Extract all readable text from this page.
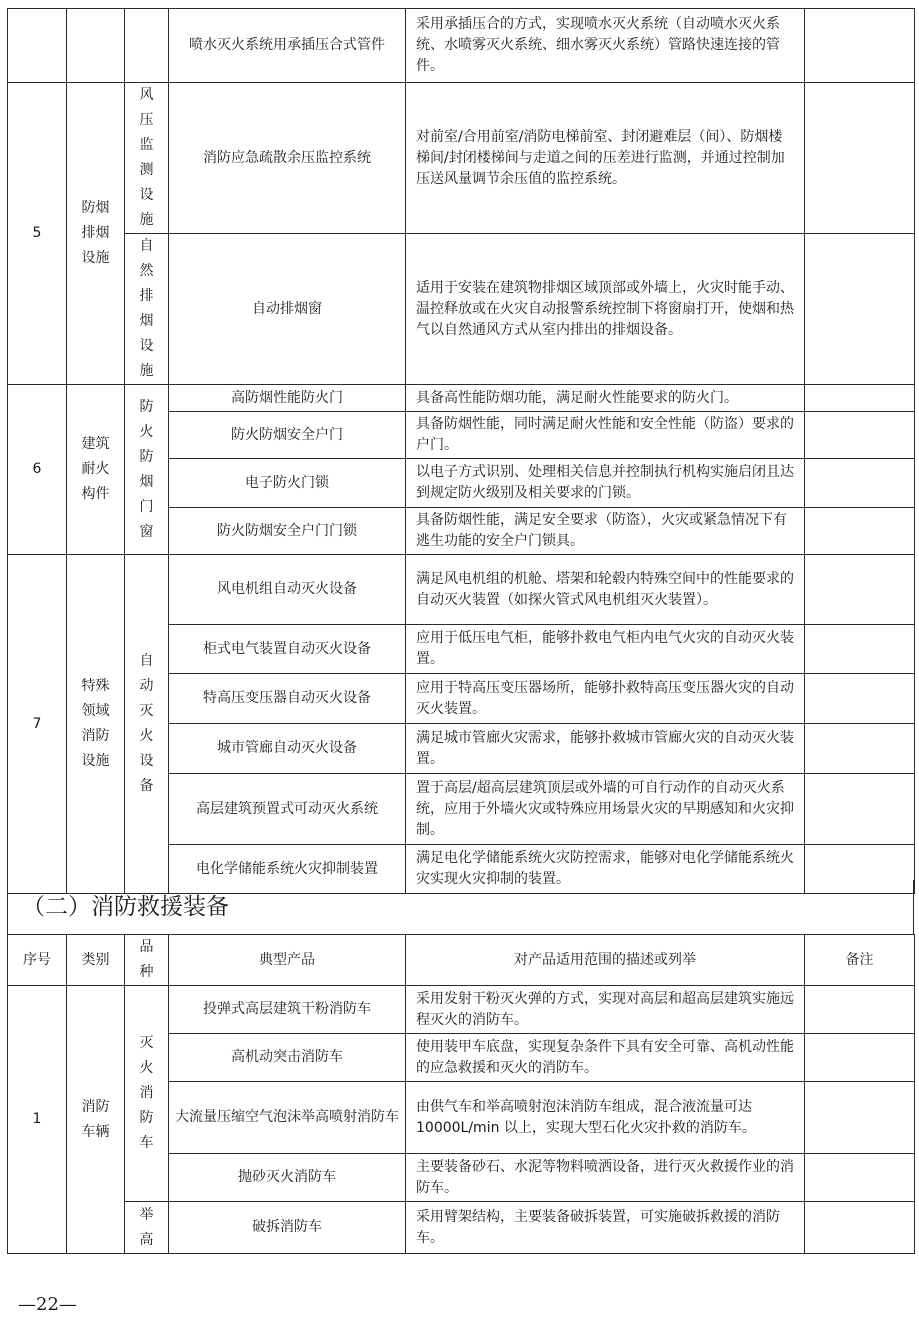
			喷水灭火系统用承插压合式管件	采用承插压合的方式，实现喷水灭火系统（自动喷水灭火系统、水喷雾灭火系统、细水雾灭火系统）管路快速连接的管件。	
5	防烟排烟设施	风压监测设施	消防应急疏散余压监控系统	对前室/合用前室/消防电梯前室、封闭避难层（间）、防烟楼梯间/封闭楼梯间与走道之间的压差进行监测，并通过控制加压送风量调节余压值的监控系统。	

		自然排烟设施	自动排烟窗	适用于安装在建筑物排烟区域顶部或外墙上，火灾时能手动、温控释放或在火灾自动报警系统控制下将窗扇打开，使烟和热气以自然通风方式从室内排出的排烟设备。	
6	建筑耐火构件	防火防烟门窗	高防烟性能防火门	具备高性能防烟功能，满足耐火性能要求的防火门。	
			防火防烟安全户门	具备防烟性能，同时满足耐火性能和安全性能（防盗）要求的户门。	
			电子防火门锁	以电子方式识别、处理相关信息并控制执行机构实施启闭且达到规定防火级别及相关要求的门锁。	
			防火防烟安全户门门锁	具备防烟性能，满足安全要求（防盗），火灾或紧急情况下有逃生功能的安全户门锁具。	
7	特殊领域消防设施	自动灭火设备	风电机组自动灭火设备	满足风电机组的机舱、塔架和轮毂内特殊空间中的性能要求的自动灭火装置（如探火管式风电机组灭火装置）。	
			柜式电气装置自动灭火设备	应用于低压电气柜，能够扑救电气柜内电气火灾的自动灭火装置。	
			特高压变压器自动灭火设备	应用于特高压变压器场所，能够扑救特高压变压器火灾的自动灭火装置。	
			城市管廊自动灭火设备	满足城市管廊火灾需求，能够扑救城市管廊火灾的自动灭火装置。	
			高层建筑预置式可动灭火系统	置于高层/超高层建筑顶层或外墙的可自行动作的自动灭火系统，应用于外墙火灾或特殊应用场景火灾的早期感知和火灾抑制。	
			电化学储能系统火灾抑制装置	满足电化学储能系统火灾防控需求，能够对电化学储能系统火灾实现火灾抑制的装置。	
（二）消防救援装备
序号	类别	品种	典型产品	对产品适用范围的描述或列举	备注
1	消防车辆	灭火消防车	投弹式高层建筑干粉消防车	采用发射干粉灭火弹的方式，实现对高层和超高层建筑实施远程灭火的消防车。	
			高机动突击消防车	使用装甲车底盘，实现复杂条件下具有安全可靠、高机动性能的应急救援和灭火的消防车。	
			大流量压缩空气泡沫举高喷射消防车	由供气车和举高喷射泡沫消防车组成，混合液流量可达 10000L/min 以上，实现大型石化火灾扑救的消防车。	
			抛砂灭火消防车	主要装备砂石、水泥等物料喷洒设备，进行灭火救援作业的消防车。	

		举高	破拆消防车	采用臂架结构，主要装备破拆装置，可实施破拆救援的消防车。	
—22—
